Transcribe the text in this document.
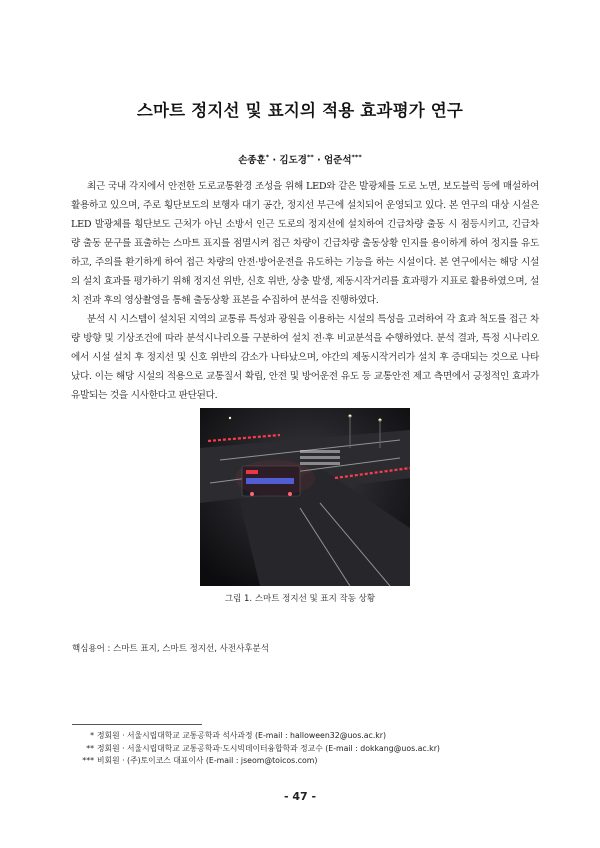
스마트 정지선 및 표지의 적용 효과평가 연구
손종훈* · 김도경** · 엄준석***

최근 국내 각지에서 안전한 도로교통환경 조성을 위해 LED와 같은 발광체를 도로 노면, 보도블럭 등에 매설하여 활용하고 있으며, 주로 횡단보도의 보행자 대기 공간, 정지선 부근에 설치되어 운영되고 있다. 본 연구의 대상 시설은 LED 발광체를 횡단보도 근처가 아닌 소방서 인근 도로의 정지선에 설치하여 긴급차량 출동 시 점등시키고, 긴급차량 출동 문구를 표출하는 스마트 표지를 점멸시켜 접근 차량이 긴급차량 출동상황 인지를 용이하게 하여 정지를 유도하고, 주의를 환기하게 하여 접근 차량의 안전·방어운전을 유도하는 기능을 하는 시설이다. 본 연구에서는 해당 시설의 설치 효과를 평가하기 위해 정지선 위반, 신호 위반, 상충 발생, 제동시작거리를 효과평가 지표로 활용하였으며, 설치 전과 후의 영상촬영을 통해 출동상황 표본을 수집하여 분석을 진행하였다.

분석 시 시스템이 설치된 지역의 교통류 특성과 광원을 이용하는 시설의 특성을 고려하여 각 효과 척도를 접근 차량 방향 및 기상조건에 따라 분석시나리오를 구분하여 설치 전·후 비교분석을 수행하였다. 분석 결과, 특정 시나리오에서 시설 설치 후 정지선 및 신호 위반의 감소가 나타났으며, 야간의 제동시작거리가 설치 후 증대되는 것으로 나타났다. 이는 해당 시설의 적용으로 교통질서 확립, 안전 및 방어운전 유도 등 교통안전 제고 측면에서 긍정적인 효과가 유발되는 것을 시사한다고 판단된다.

그림 1. 스마트 정지선 및 표지 작동 상황
핵심용어 : 스마트 표지, 스마트 정지선, 사전사후분석
* 정회원 · 서울시립대학교 교통공학과 석사과정 (E-mail : halloween32@uos.ac.kr)
** 정회원 · 서울시립대학교 교통공학과·도시빅데이터융합학과 정교수 (E-mail : dokkang@uos.ac.kr)
*** 비회원 · (주)토이코스 대표이사 (E-mail : jseom@toicos.com)
- 47 -
